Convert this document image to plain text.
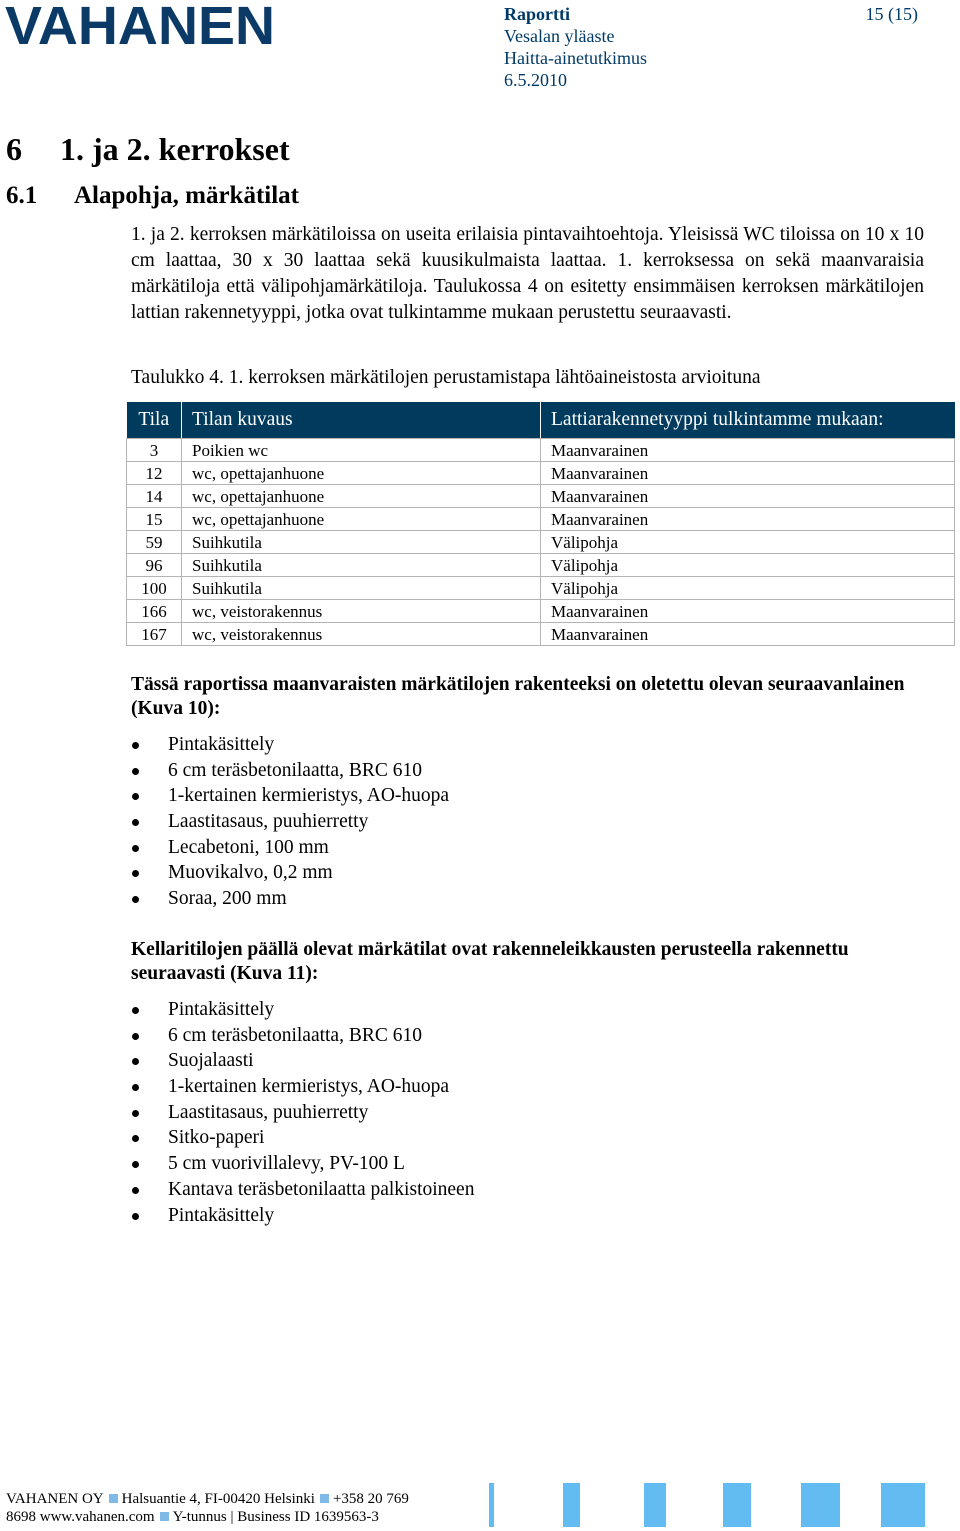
VAHANEN	Raportti
Vesalan yläaste
Haitta-ainetutkimus
6.5.2010
15 (15)
6 1. ja 2. kerrokset
6.1 Alapohja, märkätilat

1. ja 2. kerroksen märkätiloissa on useita erilaisia pintavaihtoehtoja. Yleisissä WC tiloissa on 10 x 10 cm laattaa, 30 x 30 laattaa sekä kuusikulmaista laattaa. 1. kerroksessa on sekä maanvaraisia märkätiloja että välipohjamärkätiloja. Taulukossa 4 on esitetty ensimmäisen kerroksen märkätilojen lattian rakennetyyppi, jotka ovat tulkintamme mukaan perustettu seuraavasti.

Taulukko 4. 1. kerroksen märkätilojen perustamistapa lähtöaineistosta arvioituna
Tila	Tilan kuvaus	Lattiarakennetyyppi tulkintamme mukaan:

3	Poikien wc	Maanvarainen
12	wc, opettajanhuone	Maanvarainen
14	wc, opettajanhuone	Maanvarainen
15	wc, opettajanhuone	Maanvarainen
59	Suihkutila	Välipohja
96	Suihkutila	Välipohja
100	Suihkutila	Välipohja
166	wc, veistorakennus	Maanvarainen
167	wc, veistorakennus	Maanvarainen

Tässä raportissa maanvaraisten märkätilojen rakenteeksi on oletettu olevan seuraavanlainen (Kuva 10):

Pintakäsittely
6 cm teräsbetonilaatta, BRC 610
1-kertainen kermieristys, AO-huopa
Laastitasaus, puuhierretty
Lecabetoni, 100 mm
Muovikalvo, 0,2 mm
Soraa, 200 mm

Kellaritilojen päällä olevat märkätilat ovat rakenneleikkausten perusteella rakennettu seuraavasti (Kuva 11):

Pintakäsittely
6 cm teräsbetonilaatta, BRC 610
Suojalaasti
1-kertainen kermieristys, AO-huopa
Laastitasaus, puuhierretty
Sitko-paperi
5 cm vuorivillalevy, PV-100 L
Kantava teräsbetonilaatta palkistoineen
Pintakäsittely
VAHANEN OY Halsuantie 4, FI-00420 Helsinki +358 20 769
8698 www.vahanen.com Y-tunnus | Business ID 1639563-3
